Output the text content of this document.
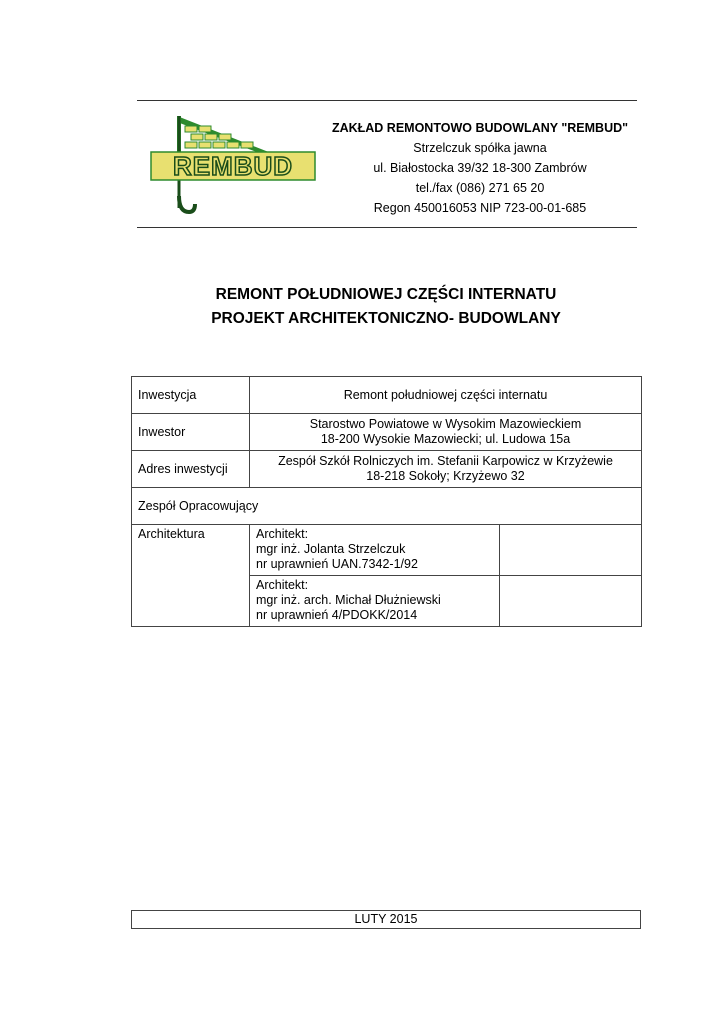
REMBUD
ZAKŁAD REMONTOWO BUDOWLANY "REMBUD"
Strzelczuk spółka jawna
ul. Białostocka 39/32 18-300 Zambrów
tel./fax (086) 271 65 20
Regon 450016053 NIP 723-00-01-685
REMONT POŁUDNIOWEJ CZĘŚCI INTERNATU
PROJEKT ARCHITEKTONICZNO- BUDOWLANY
Inwestycja	Remont południowej części internatu	
Inwestor	Starostwo Powiatowe w Wysokim Mazowieckiem
18-200 Wysokie Mazowiecki; ul. Ludowa 15a	

Adres inwestycji	Zespół Szkół Rolniczych im. Stefanii Karpowicz w Krzyżewie
18-218 Sokoły; Krzyżewo 32	

Zespół Opracowujący		
Architektura	Architekt:
mgr inż. Jolanta Strzelczuk
nr uprawnień UAN.7342-1/92	

	Architekt:
mgr inż. arch. Michał Dłużniewski
nr uprawnień 4/PDOKK/2014	

LUTY 2015
